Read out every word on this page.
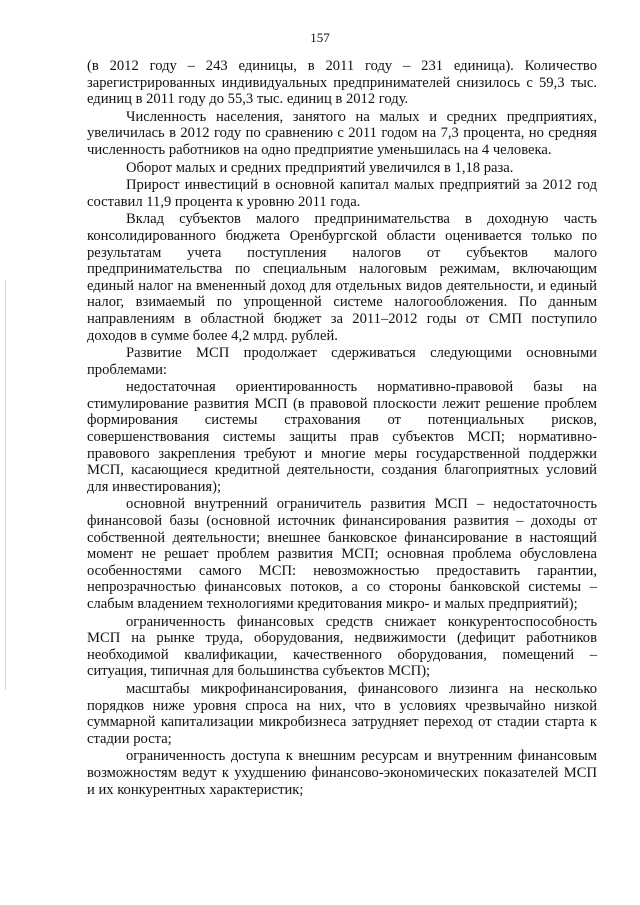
157

(в 2012 году – 243 единицы, в 2011 году – 231 единица). Количество зарегистрированных индивидуальных предпринимателей снизилось с 59,3 тыс. единиц в 2011 году до 55,3 тыс. единиц в 2012 году.

Численность населения, занятого на малых и средних предприятиях, увеличилась в 2012 году по сравнению с 2011 годом на 7,3 процента, но средняя численность работников на одно предприятие уменьшилась на 4 человека.

Оборот малых и средних предприятий увеличился в 1,18 раза.

Прирост инвестиций в основной капитал малых предприятий за 2012 год составил 11,9 процента к уровню 2011 года.

Вклад субъектов малого предпринимательства в доходную часть консолидированного бюджета Оренбургской области оценивается только по результатам учета поступления налогов от субъектов малого предпринимательства по специальным налоговым режимам, включающим единый налог на вмененный доход для отдельных видов деятельности, и единый налог, взимаемый по упрощенной системе налогообложения. По данным направлениям в областной бюджет за 2011–2012 годы от СМП поступило доходов в сумме более 4,2 млрд. рублей.

Развитие МСП продолжает сдерживаться следующими основными проблемами:

недостаточная ориентированность нормативно-правовой базы на стимулирование развития МСП (в правовой плоскости лежит решение проблем формирования системы страхования от потенциальных рисков, совершенствования системы защиты прав субъектов МСП; нормативно-правового закрепления требуют и многие меры государственной поддержки МСП, касающиеся кредитной деятельности, создания благоприятных условий для инвестирования);

основной внутренний ограничитель развития МСП – недостаточность финансовой базы (основной источник финансирования развития – доходы от собственной деятельности; внешнее банковское финансирование в настоящий момент не решает проблем развития МСП; основная проблема обусловлена особенностями самого МСП: невозможностью предоставить гарантии, непрозрачностью финансовых потоков, а со стороны банковской системы – слабым владением технологиями кредитования микро- и малых предприятий);

ограниченность финансовых средств снижает конкурентоспособность МСП на рынке труда, оборудования, недвижимости (дефицит работников необходимой квалификации, качественного оборудования, помещений – ситуация, типичная для большинства субъектов МСП);

масштабы микрофинансирования, финансового лизинга на несколько порядков ниже уровня спроса на них, что в условиях чрезвычайно низкой суммарной капитализации микробизнеса затрудняет переход от стадии старта к стадии роста;

ограниченность доступа к внешним ресурсам и внутренним финансовым возможностям ведут к ухудшению финансово-экономических показателей МСП и их конкурентных характеристик;
